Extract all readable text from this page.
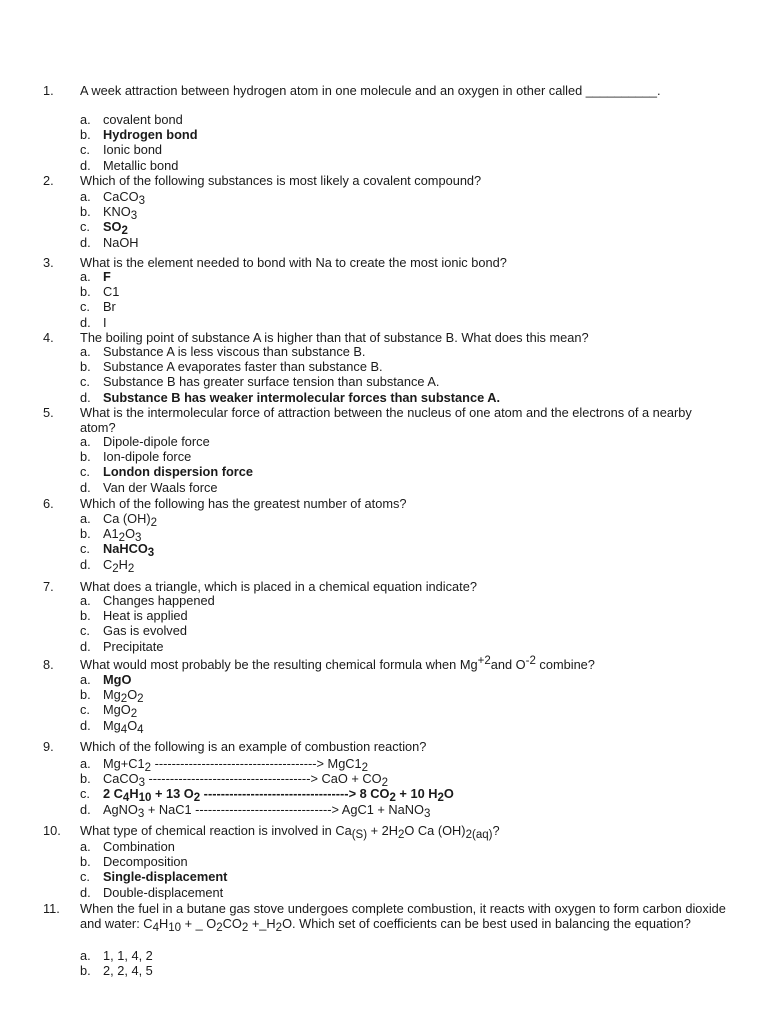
1. A week attraction between hydrogen atom in one molecule and an oxygen in other called __________.
a. covalent bond
b. Hydrogen bond
c.	Ionic bond
d. Metallic bond
2. Which of the following substances is most likely a covalent compound?
a. CaCO$_3$
b. $KNO_3$
c.	$SO_2$
d. NaOH
3. What is the element needed to bond with Na to create the most ionic bond?
a. F
b. C1
c.	Br
d. I
4. The boiling point of substance A is higher than that of substance B. What does this mean?
a. Substance A is less viscous than substance B.
b. Substance A evaporates faster than substance B.
c.	Substance B has greater surface tension than substance A.
d. Substance B has weaker intermolecular forces than substance A.
5. What is the intermolecular force of attraction between the nucleus of one atom and the electrons of a nearby atom?
a. Dipole-dipole force
b. Ion-dipole force
c.	London dispersion force
d. Van der Waals force
6. Which of the following has the greatest number of atoms?
a. Ca $(OH)_2$
b. $A1_2O_3$
c.	NaHCO$_3$
d. $C_2H_2$
7. What does a triangle, which is placed in a chemical equation indicate?
a. Changes happened
b. Heat is applied
c.	Gas is evolved
d. Precipitate
8. What would most probably be the resulting chemical formula when $Mg^{+2}and$ $O^{-2}$ combine?
a. MgO
b. $Mg_2O_2$
c.	MgO$_2$
d. $Mg_4O_4$
9. Which of the following is an example of combustion reaction?
a. $Mg+C1_2$ --------------------------------------> $MgC1_2$
b. CaCO$_3$ --------------------------------------> CaO + $CO_2$
c.	2 $C_4H_{10} + 13$ $O_2$ ----------------------------------> 8 $CO_2 + 10$ $H_2O$
d. AgNO$_3$ + NaC1 --------------------------------> AgC1 + NaNO$_3$
10. What type of chemical reaction is involved in $Ca_{(S)} + 2H_2O$ Ca $(OH)_{2(aq)}$?
a. Combination
b. Decomposition
c.	Single-displacement
d. Double-displacement
11. When the fuel in a butane gas stove undergoes complete combustion, it reacts with oxygen to form carbon dioxide and water: $C_4H_{10}$ + _ $O_2CO_2$ $+\_H_2O$. Which set of coefficients can be best used in balancing the equation?
a. 1, 1, 4, 2
b. 2, 2, 4, 5
